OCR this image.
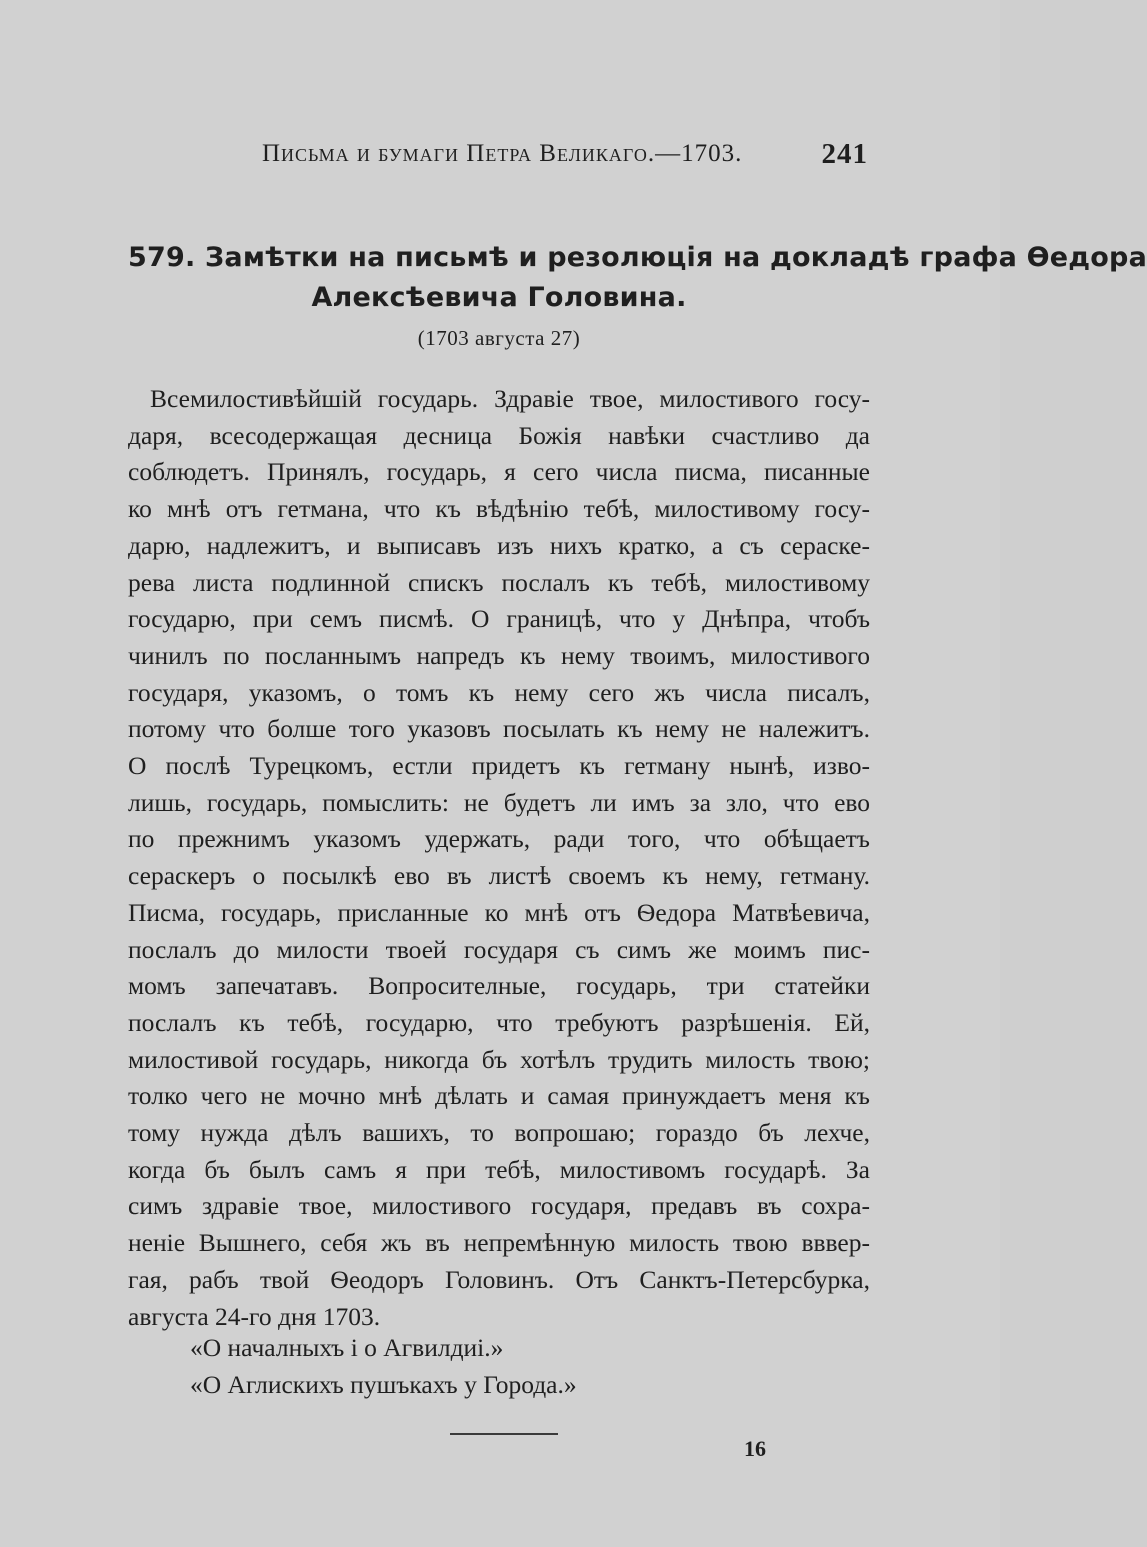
Письма и бумаги Петра Великаго.—1703.	241
579. Замѣтки на письмѣ и резолюція на докладѣ графа Ѳедора
Алексѣевича Головина.
(1703 августа 27)
Всемилостивѣйшій государь. Здравіе твое, милостивого госу-
даря, всесодержащая десница Божія навѣки счастливо да
соблюдетъ. Принялъ, государь, я сего числа писма, писанные
ко мнѣ отъ гетмана, что къ вѣдѣнію тебѣ, милостивому госу-
дарю, надлежитъ, и выписавъ изъ нихъ кратко, а съ сераске-
рева листа подлинной спискъ послалъ къ тебѣ, милостивому
государю, при семъ писмѣ. О границѣ, что у Днѣпра, чтобъ
чинилъ по посланнымъ напредъ къ нему твоимъ, милостивого
государя, указомъ, о томъ къ нему сего жъ числа писалъ,
потому что болше того указовъ посылать къ нему не належитъ.
О послѣ Турецкомъ, естли придетъ къ гетману нынѣ, изво-
лишь, государь, помыслить: не будетъ ли имъ за зло, что ево
по прежнимъ указомъ удержать, ради того, что обѣщаетъ
сераскеръ о посылкѣ ево въ листѣ своемъ къ нему, гетману.
Писма, государь, присланные ко мнѣ отъ Ѳедора Матвѣевича,
послалъ до милости твоей государя съ симъ же моимъ пис-
момъ запечатавъ. Вопросителные, государь, три статейки
послалъ къ тебѣ, государю, что требуютъ разрѣшенія. Ей,
милостивой государь, никогда бъ хотѣлъ трудить милость твою;
толко чего не мочно мнѣ дѣлать и самая принуждаетъ меня къ
тому нужда дѣлъ вашихъ, то вопрошаю; гораздо бъ лехче,
когда бъ былъ самъ я при тебѣ, милостивомъ государѣ. За
симъ здравіе твое, милостивого государя, предавъ въ сохра-
неніе Вышнего, себя жъ въ непремѣнную милость твою вввер-
гая, рабъ твой Ѳеодоръ Головинъ. Отъ Санктъ-Петерсбурка,
августа 24-го дня 1703.
«О началныхъ і о Агвилдиі.»
«О Аглискихъ пушъкахъ у Города.»
16
